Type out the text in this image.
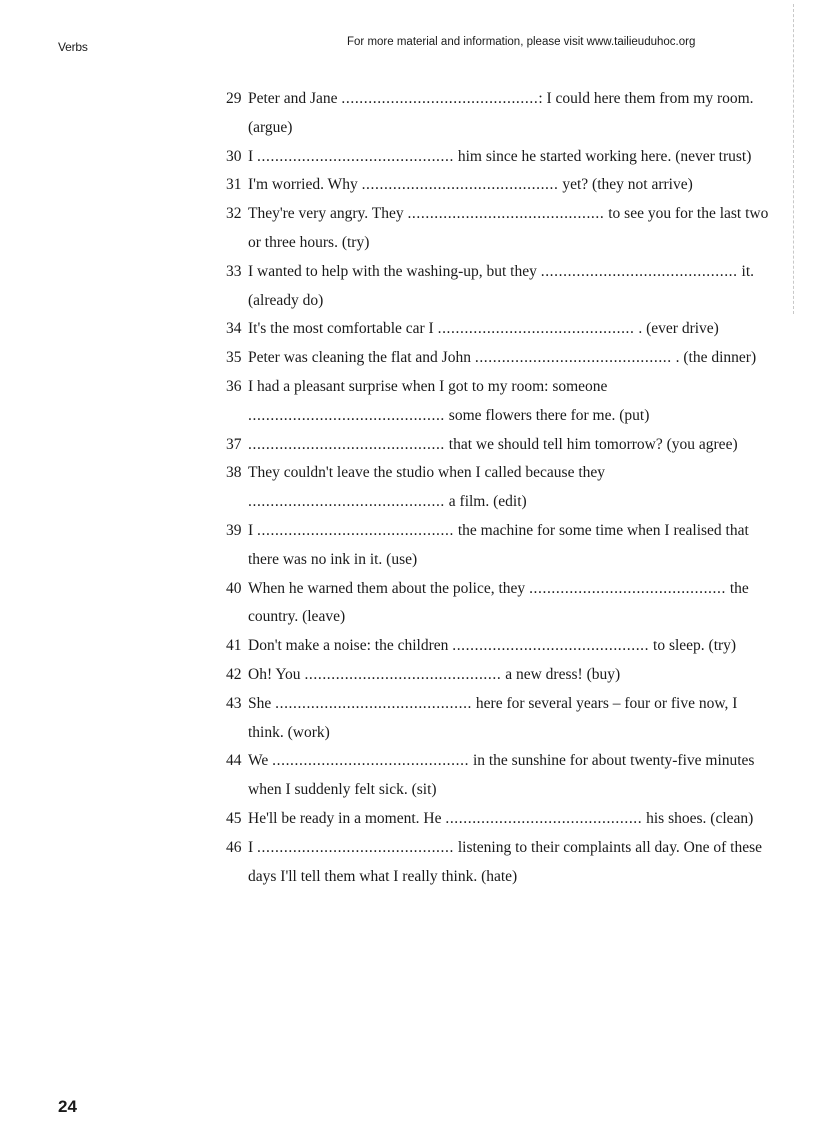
Verbs	For more material and information, please visit www.tailieuduhoc.org
29 Peter and Jane ............................................: I could here them from my room. (argue)
30 I ............................................ him since he started working here. (never trust)
31 I'm worried. Why ............................................ yet? (they not arrive)
32 They're very angry. They ............................................ to see you for the last two or three hours. (try)
33 I wanted to help with the washing-up, but they ............................................ it. (already do)
34 It's the most comfortable car I ............................................ . (ever drive)
35 Peter was cleaning the flat and John ............................................ . (the dinner)
36 I had a pleasant surprise when I got to my room: someone ............................................ some flowers there for me. (put)
37 ............................................ that we should tell him tomorrow? (you agree)
38 They couldn't leave the studio when I called because they ............................................ a film. (edit)
39 I ............................................ the machine for some time when I realised that there was no ink in it. (use)
40 When he warned them about the police, they ............................................ the country. (leave)
41 Don't make a noise: the children ............................................ to sleep. (try)
42 Oh! You ............................................ a new dress! (buy)
43 She ............................................ here for several years – four or five now, I think. (work)
44 We ............................................ in the sunshine for about twenty-five minutes when I suddenly felt sick. (sit)
45 He'll be ready in a moment. He ............................................ his shoes. (clean)
46 I ............................................ listening to their complaints all day. One of these days I'll tell them what I really think. (hate)
24
